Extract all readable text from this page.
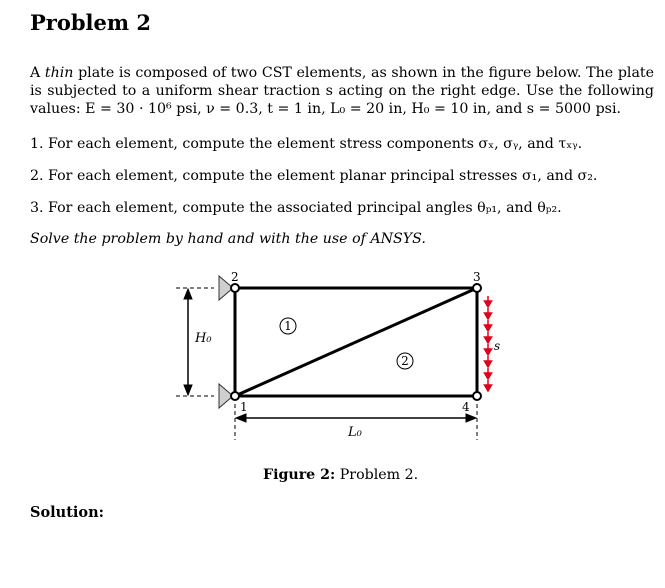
Problem 2
A thin plate is composed of two CST elements, as shown in the figure below. The plate is subjected to a uniform shear traction s acting on the right edge. Use the following values: E = 30 · 10⁶ psi, ν = 0.3, t = 1 in, L₀ = 20 in, H₀ = 10 in, and s = 5000 psi.
1. For each element, compute the element stress components σₓ, σᵧ, and τₓᵧ.
2. For each element, compute the element planar principal stresses σ₁, and σ₂.
3. For each element, compute the associated principal angles θₚ₁, and θₚ₂.
Solve the problem by hand and with the use of ANSYS.
2	3
1	4
1
2
H₀
L₀
s
Figure 2: Problem 2.
Solution:
